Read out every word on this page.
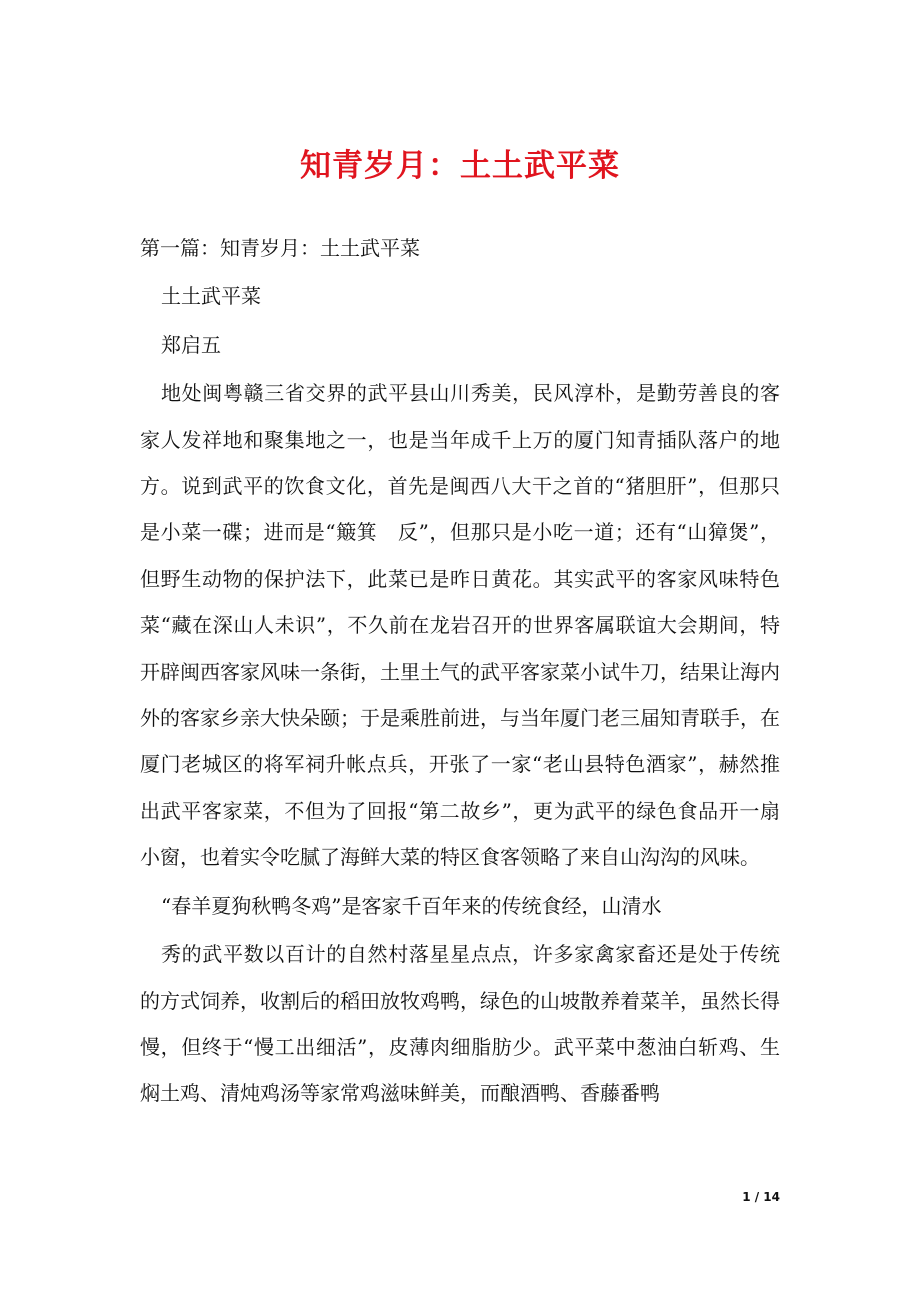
知青岁月：土土武平菜

第一篇：知青岁月：土土武平菜

土土武平菜

郑启五

地处闽粤赣三省交界的武平县山川秀美，民风淳朴，是勤劳善良的客家人发祥地和聚集地之一，也是当年成千上万的厦门知青插队落户的地方。说到武平的饮食文化，首先是闽西八大干之首的“猪胆肝”，但那只是小菜一碟；进而是“簸箕　反”，但那只是小吃一道；还有“山獐煲”，但野生动物的保护法下，此菜已是昨日黄花。其实武平的客家风味特色菜“藏在深山人未识”，不久前在龙岩召开的世界客属联谊大会期间，特开辟闽西客家风味一条街，土里土气的武平客家菜小试牛刀，结果让海内外的客家乡亲大快朵颐；于是乘胜前进，与当年厦门老三届知青联手，在厦门老城区的将军祠升帐点兵，开张了一家“老山县特色酒家”，赫然推出武平客家菜，不但为了回报“第二故乡”，更为武平的绿色食品开一扇小窗，也着实令吃腻了海鲜大菜的特区食客领略了来自山沟沟的风味。

“春羊夏狗秋鸭冬鸡”是客家千百年来的传统食经，山清水

秀的武平数以百计的自然村落星星点点，许多家禽家畜还是处于传统的方式饲养，收割后的稻田放牧鸡鸭，绿色的山坡散养着菜羊，虽然长得慢，但终于“慢工出细活”，皮薄肉细脂肪少。武平菜中葱油白斩鸡、生焖土鸡、清炖鸡汤等家常鸡滋味鲜美，而酿酒鸭、香藤番鸭

1 / 14
